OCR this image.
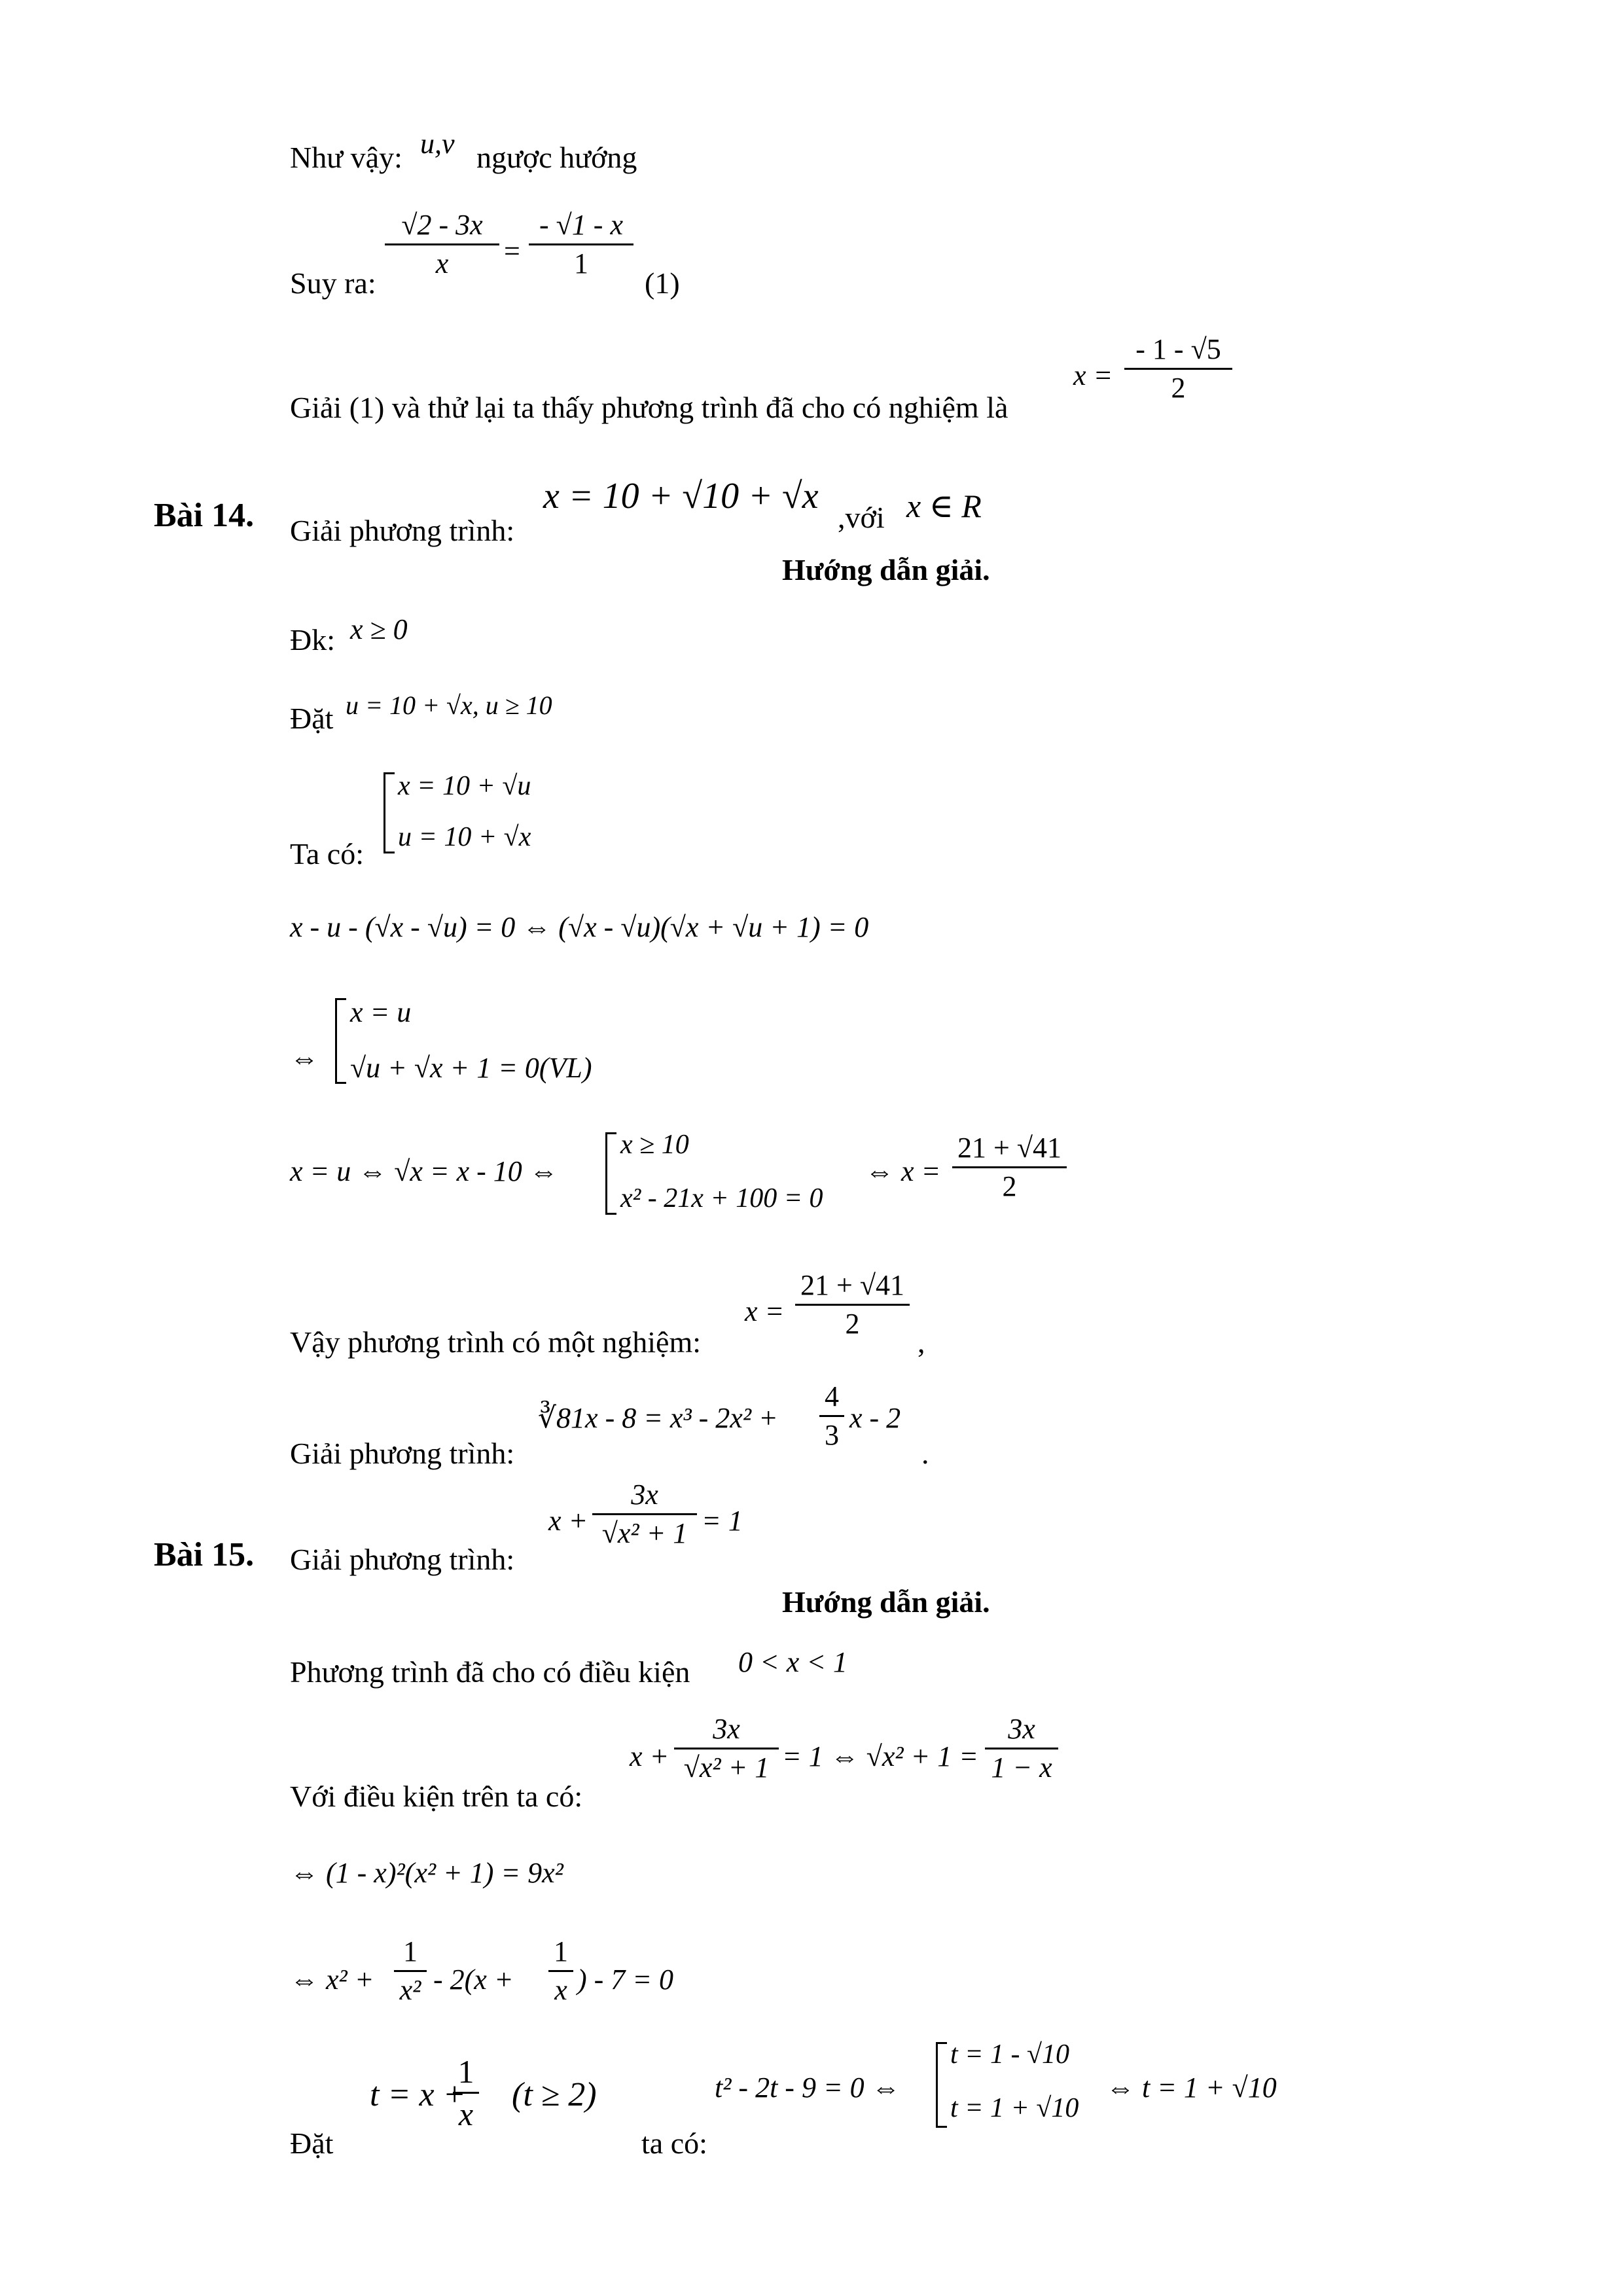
Như vậy: u,v ngược hướng
Suy ra:
√2 - 3x
x	=
- √1 - x
1
(1)
Giải (1) và thử lại ta thấy phương trình đã cho có nghiệm là
x =
- 1 - √5
2
Bài 14. Giải phương trình:
x = 10 + √10 + √x
,với x ∈ R
Hướng dẫn giải.
Đk: x ≥ 0
Đặt u = 10 + √x, u ≥ 10
Ta có:
x = 10 + √u
u = 10 + √x
x - u - (√x - √u) = 0 ⇔ (√x - √u)(√x + √u + 1) = 0
⇔
x = u
√u + √x + 1 = 0(VL)
x = u ⇔ √x = x - 10 ⇔
x ≥ 10
x² - 21x + 100 = 0
⇔ x =
21 + √41
2
Vậy phương trình có một nghiệm:
x =
21 + √41
2
,
Giải phương trình:
∛81x - 8 = x³ - 2x² +
4
3
x - 2
.
Bài 15. Giải phương trình:
x +
3x
√x² + 1 = 1
Hướng dẫn giải.
Phương trình đã cho có điều kiện 0 < x < 1
Với điều kiện trên ta có:
x +
3x
√x² + 1 = 1 ⇔ √x² + 1 =
3x
1 − x
⇔ (1 - x)²(x² + 1) = 9x²
⇔ x² +
1
x² - 2(x +
1
x ) - 7 = 0
Đặt
t = x +
1
x
(t ≥ 2)
ta có:
t² - 2t - 9 = 0 ⇔
t = 1 - √10
t = 1 + √10
⇔ t = 1 + √10
